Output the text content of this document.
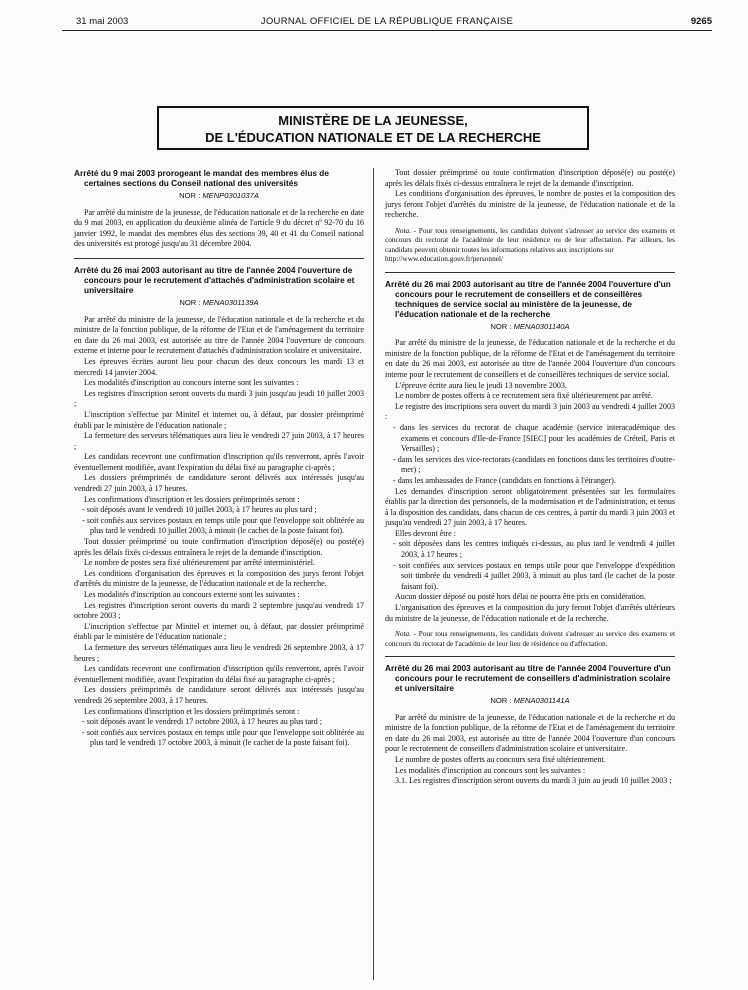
31 mai 2003	JOURNAL OFFICIEL DE LA RÉPUBLIQUE FRANÇAISE	9265
MINISTÈRE DE LA JEUNESSE,
DE L'ÉDUCATION NATIONALE ET DE LA RECHERCHE
Arrêté du 9 mai 2003 prorogeant le mandat des membres élus de certaines sections du Conseil national des universités
NOR : MENP0301037A

Par arrêté du ministre de la jeunesse, de l'éducation nationale et de la recherche en date du 9 mai 2003, en application du deuxième alinéa de l'article 9 du décret nº 92-70 du 16 janvier 1992, le mandat des membres élus des sections 39, 40 et 41 du Conseil national des universités est prorogé jusqu'au 31 décembre 2004.

Arrêté du 26 mai 2003 autorisant au titre de l'année 2004 l'ouverture de concours pour le recrutement d'attachés d'administration scolaire et universitaire
NOR : MENA0301139A

Par arrêté du ministre de la jeunesse, de l'éducation nationale et de la recherche et du ministre de la fonction publique, de la réforme de l'Etat et de l'aménagement du territoire en date du 26 mai 2003, est autorisée au titre de l'année 2004 l'ouverture de concours externe et interne pour le recrutement d'attachés d'administration scolaire et universitaire.

Les épreuves écrites auront lieu pour chacun des deux concours les mardi 13 et mercredi 14 janvier 2004.

Les modalités d'inscription au concours interne sont les suivantes :

Les registres d'inscription seront ouverts du mardi 3 juin jusqu'au jeudi 10 juillet 2003 ;

L'inscription s'effectue par Minitel et internet ou, à défaut, par dossier préimprimé établi par le ministère de l'éducation nationale ;

La fermeture des serveurs télématiques aura lieu le vendredi 27 juin 2003, à 17 heures ;

Les candidats recevront une confirmation d'inscription qu'ils renverront, après l'avoir éventuellement modifiée, avant l'expiration du délai fixé au paragraphe ci-après ;

Les dossiers préimprimés de candidature seront délivrés aux intéressés jusqu'au vendredi 27 juin 2003, à 17 heures.

Les confirmations d'inscription et les dossiers préimprimés seront :

- soit déposés avant le vendredi 10 juillet 2003, à 17 heures au plus tard ;

- soit confiés aux services postaux en temps utile pour que l'enveloppe soit oblitérée au plus tard le vendredi 10 juillet 2003, à minuit (le cachet de la poste faisant foi).

Tout dossier préimprimé ou toute confirmation d'inscription déposé(e) ou posté(e) après les délais fixés ci-dessus entraînera le rejet de la demande d'inscription.

Le nombre de postes sera fixé ultérieurement par arrêté interministériel.

Les conditions d'organisation des épreuves et la composition des jurys feront l'objet d'arrêtés du ministre de la jeunesse, de l'éducation nationale et de la recherche.

Les modalités d'inscription au concours externe sont les suivantes :

Les registres d'inscription seront ouverts du mardi 2 septembre jusqu'au vendredi 17 octobre 2003 ;

L'inscription s'effectue par Minitel et internet ou, à défaut, par dossier préimprimé établi par le ministère de l'éducation nationale ;

La fermeture des serveurs télématiques aura lieu le vendredi 26 septembre 2003, à 17 heures ;

Les candidats recevront une confirmation d'inscription qu'ils renverront, après l'avoir éventuellement modifiée, avant l'expiration du délai fixé au paragraphe ci-après ;

Les dossiers préimprimés de candidature seront délivrés aux intéressés jusqu'au vendredi 26 septembre 2003, à 17 heures.

Les confirmations d'inscription et les dossiers préimprimés seront :

- soit déposés avant le vendredi 17 octobre 2003, à 17 heures au plus tard ;

- soit confiés aux services postaux en temps utile pour que l'enveloppe soit oblitérée au plus tard le vendredi 17 octobre 2003, à minuit (le cachet de la poste faisant foi).

Tout dossier préimprimé ou toute confirmation d'inscription déposé(e) ou posté(e) après les délais fixés ci-dessus entraînera le rejet de la demande d'inscription.

Les conditions d'organisation des épreuves, le nombre de postes et la composition des jurys feront l'objet d'arrêtés du ministre de la jeunesse, de l'éducation nationale et de la recherche.

Nota. - Pour tous renseignements, les candidats doivent s'adresser au service des examens et concours du rectorat de l'académie de leur résidence ou de leur affectation. Par ailleurs, les candidats peuvent obtenir toutes les informations relatives aux inscriptions sur
http://www.education.gouv.fr/personnel/

Arrêté du 26 mai 2003 autorisant au titre de l'année 2004 l'ouverture d'un concours pour le recrutement de conseillers et de conseillères techniques de service social au ministère de la jeunesse, de l'éducation nationale et de la recherche
NOR : MENA0301140A

Par arrêté du ministre de la jeunesse, de l'éducation nationale et de la recherche et du ministre de la fonction publique, de la réforme de l'Etat et de l'aménagement du territoire en date du 26 mai 2003, est autorisée au titre de l'année 2004 l'ouverture d'un concours interne pour le recrutement de conseillers et de conseillères techniques de service social.

L'épreuve écrite aura lieu le jeudi 13 novembre 2003.

Le nombre de postes offerts à ce recrutement sera fixé ultérieurement par arrêté.

Le registre des inscriptions sera ouvert du mardi 3 juin 2003 au vendredi 4 juillet 2003 :

- dans les services du rectorat de chaque académie (service interacadémique des examens et concours d'Ile-de-France [SIEC] pour les académies de Créteil, Paris et Versailles) ;

- dans les services des vice-rectorats (candidats en fonctions dans les territoires d'outre-mer) ;

- dans les ambassades de France (candidats en fonctions à l'étranger).

Les demandes d'inscription seront obligatoirement présentées sur les formulaires établis par la direction des personnels, de la modernisation et de l'administration, et tenus à la disposition des candidats, dans chacun de ces centres, à partir du mardi 3 juin 2003 et jusqu'au vendredi 27 juin 2003, à 17 heures.

Elles devront être :

- soit déposées dans les centres indiqués ci-dessus, au plus tard le vendredi 4 juillet 2003, à 17 heures ;

- soit confiées aux services postaux en temps utile pour que l'enveloppe d'expédition soit timbrée du vendredi 4 juillet 2003, à minuit au plus tard (le cachet de la poste faisant foi).

Aucun dossier déposé ou posté hors délai ne pourra être pris en considération.

L'organisation des épreuves et la composition du jury feront l'objet d'arrêtés ultérieurs du ministre de la jeunesse, de l'éducation nationale et de la recherche.

Nota. - Pour tous renseignements, les candidats doivent s'adresser au service des examens et concours du rectorat de l'académie de leur lieu de résidence ou d'affectation.

Arrêté du 26 mai 2003 autorisant au titre de l'année 2004 l'ouverture d'un concours pour le recrutement de conseillers d'administration scolaire et universitaire
NOR : MENA0301141A

Par arrêté du ministre de la jeunesse, de l'éducation nationale et de la recherche et du ministre de la fonction publique, de la réforme de l'Etat et de l'aménagement du territoire en date du 26 mai 2003, est autorisée au titre de l'année 2004 l'ouverture d'un concours pour le recrutement de conseillers d'administration scolaire et universitaire.

Le nombre de postes offerts au concours sera fixé ultérieurement.

Les modalités d'inscription au concours sont les suivantes :

3.1. Les registres d'inscription seront ouverts du mardi 3 juin au jeudi 10 juillet 2003 ;
